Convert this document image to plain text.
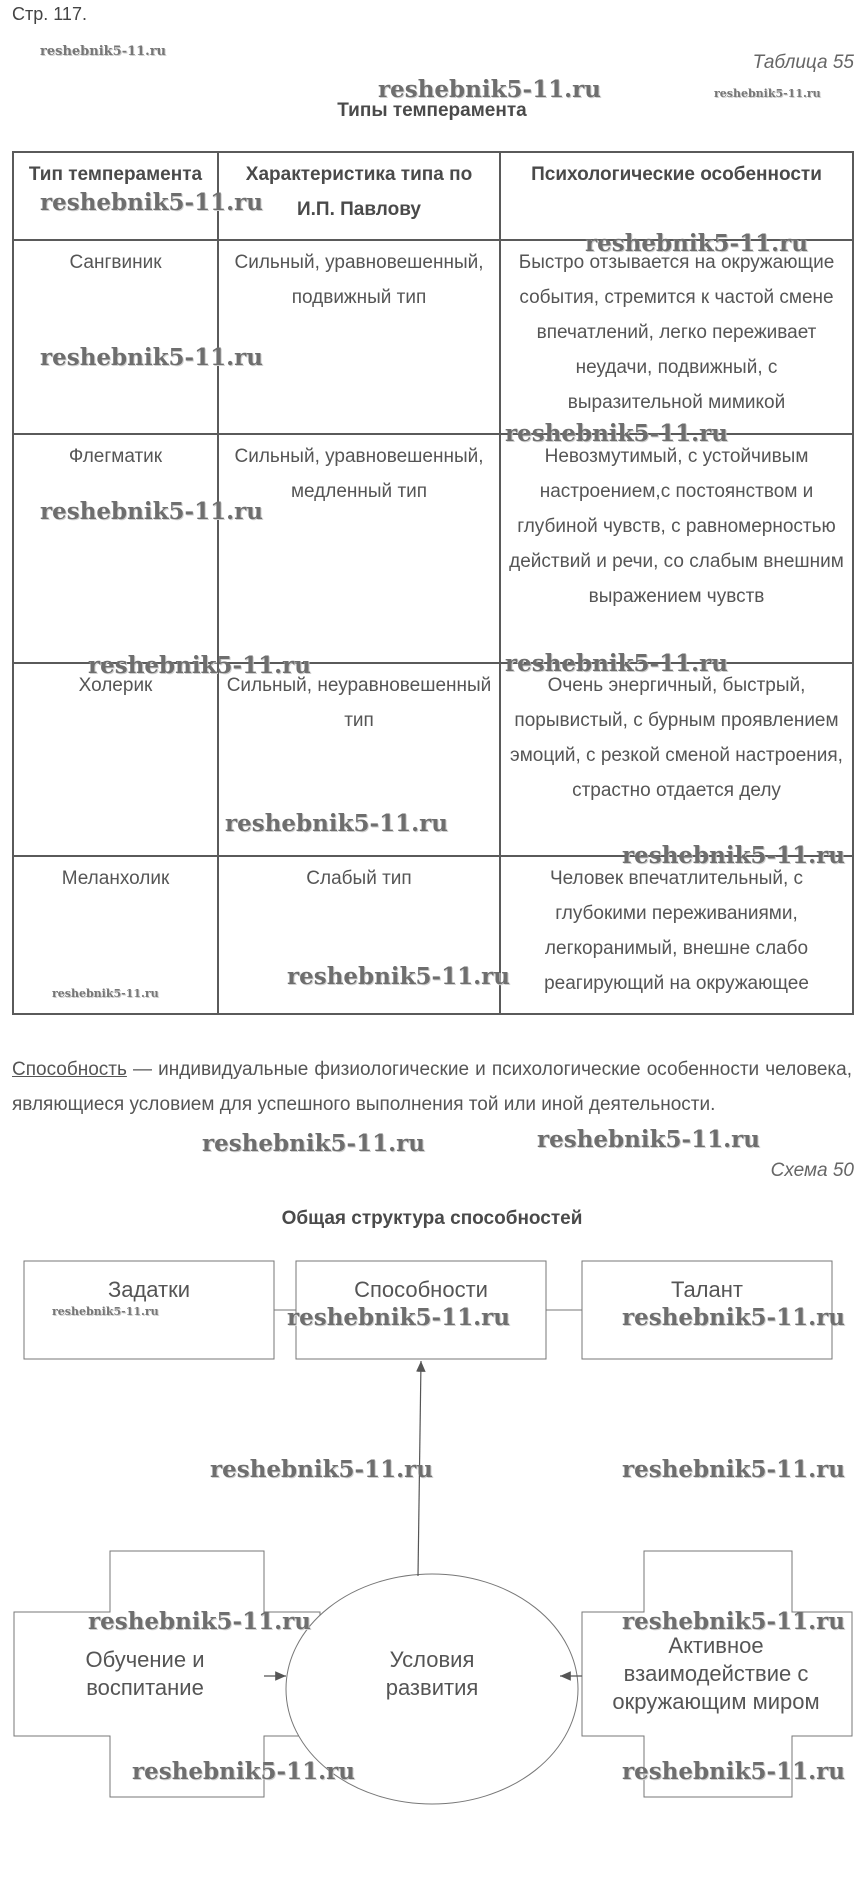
Стр. 117.
Таблица 55
Типы темперамента
Тип темперамента	Характеристика типа по И.П. Павлову	Психологические особенности
Сангвиник	Сильный, уравновешенный, подвижный тип	Быстро отзывается на окружающие события, стремится к частой смене впечатлений, легко переживает неудачи, подвижный, с выразительной мимикой
Флегматик	Сильный, уравновешенный, медленный тип	Невозмутимый, с устойчивым настроением,с постоянством и глубиной чувств, с равномерностью действий и речи, со слабым внешним выражением чувств
Холерик	Сильный, неуравновешенный тип	Очень энергичный, быстрый, порывистый, с бурным проявлением эмоций, с резкой сменой настроения, страстно отдается делу
Меланхолик	Слабый тип	Человек впечатлительный, с глубокими переживаниями, легкоранимый, внешне слабо реагирующий на окружающее
Способность — индивидуальные физиологические и психологические особенности человека, являющиеся условием для успешного выполнения той или иной деятельности.
Схема 50
Общая структура способностей
Задатки	Способности	Талант
Обучение и воспитание
Условия развития
Активное взаимодействие с окружающим миром
reshebnik5-11.ru
reshebnik5-11.ru	reshebnik5-11.ru
reshebnik5-11.ru
reshebnik5-11.ru
reshebnik5-11.ru
reshebnik5-11.ru
reshebnik5-11.ru
reshebnik5-11.ru	reshebnik5-11.ru
reshebnik5-11.ru
reshebnik5-11.ru
reshebnik5-11.ru
reshebnik5-11.ru
reshebnik5-11.ru	reshebnik5-11.ru
reshebnik5-11.ru	reshebnik5-11.ru	reshebnik5-11.ru
reshebnik5-11.ru	reshebnik5-11.ru
reshebnik5-11.ru	reshebnik5-11.ru
reshebnik5-11.ru	reshebnik5-11.ru
